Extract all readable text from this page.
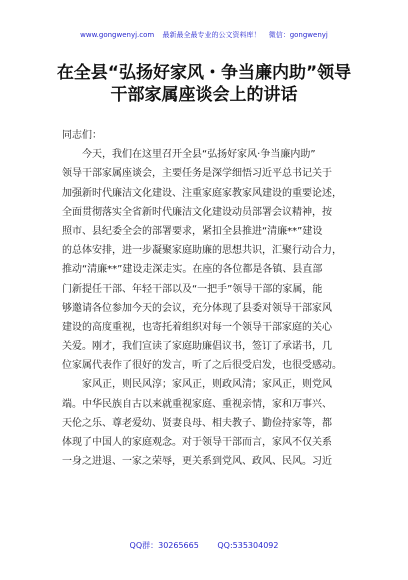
www.gongwenyj.com 最新最全最专业的公文资料库！ 微信：gongwenyj
在全县“弘扬好家风・争当廉内助”领导
干部家属座谈会上的讲话
同志们：
今天，我们在这里召开全县“弘扬好家风·争当廉内助”
领导干部家属座谈会，主要任务是深学细悟习近平总书记关于
加强新时代廉洁文化建设、注重家庭家教家风建设的重要论述，
全面贯彻落实全省新时代廉洁文化建设动员部署会议精神，按
照市、县纪委全会的部署要求，紧扣全县推进“清廉**”建设
的总体安排，进一步凝聚家庭助廉的思想共识，汇聚行动合力，
推动“清廉**”建设走深走实。在座的各位都是各镇、县直部
门新提任干部、年轻干部以及“一把手”领导干部的家属，能
够邀请各位参加今天的会议，充分体现了县委对领导干部家风
建设的高度重视，也寄托着组织对每一个领导干部家庭的关心
关爱。刚才，我们宣读了家庭助廉倡议书，签订了承诺书，几
位家属代表作了很好的发言，听了之后很受启发，也很受感动。
家风正，则民风淳；家风正，则政风清；家风正，则党风
端。中华民族自古以来就重视家庭、重视亲情，家和万事兴、
天伦之乐、尊老爱幼、贤妻良母、相夫教子、勤俭持家等，都
体现了中国人的家庭观念。对于领导干部而言，家风不仅关系
一身之进退、一家之荣辱，更关系到党风、政风、民风。习近
QQ群：30265665 QQ:535304092
